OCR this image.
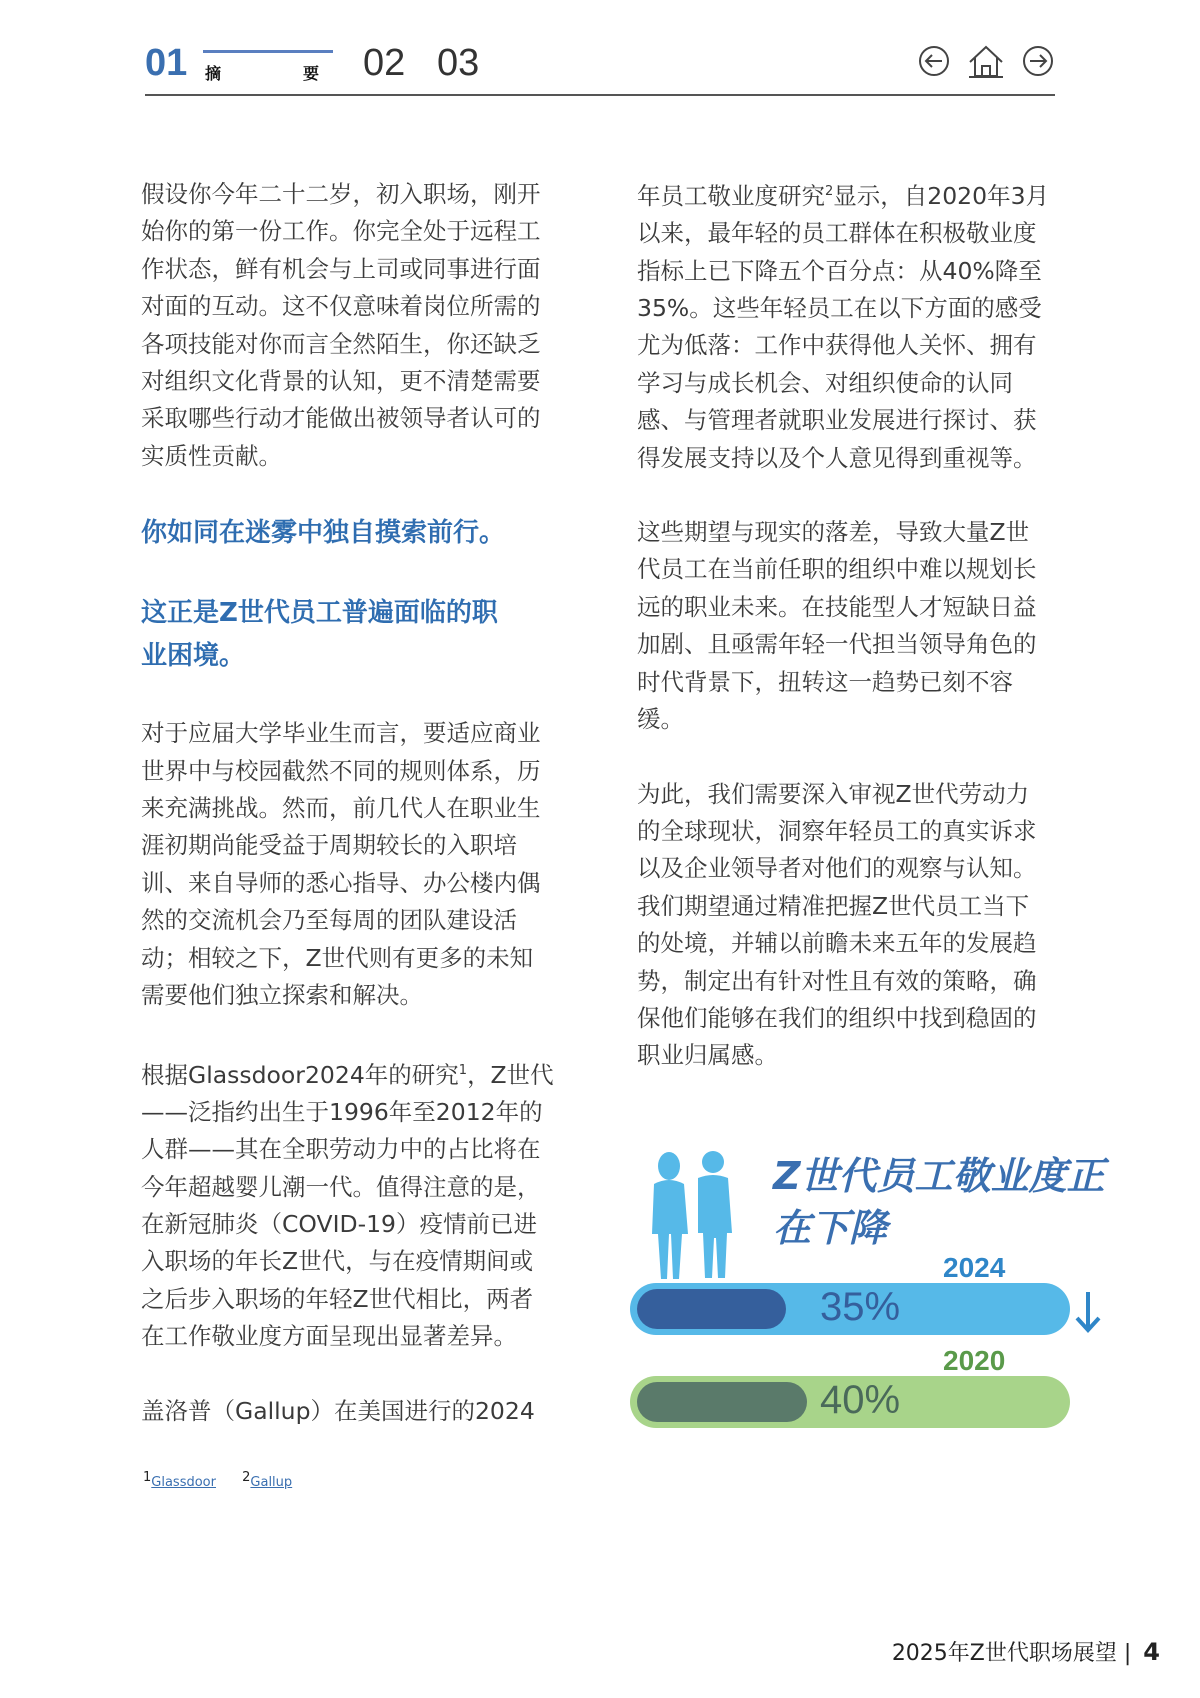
01 摘	要 02 03

假设你今年二十二岁，初入职场，刚开
始你的第一份工作。你完全处于远程工
作状态，鲜有机会与上司或同事进行面
对面的互动。这不仅意味着岗位所需的
各项技能对你而言全然陌生，你还缺乏
对组织文化背景的认知，更不清楚需要
采取哪些行动才能做出被领导者认可的
实质性贡献。

你如同在迷雾中独自摸索前行。
这正是Z世代员工普遍面临的职
业困境。

对于应届大学毕业生而言，要适应商业
世界中与校园截然不同的规则体系，历
来充满挑战。然而，前几代人在职业生
涯初期尚能受益于周期较长的入职培
训、来自导师的悉心指导、办公楼内偶
然的交流机会乃至每周的团队建设活
动；相较之下，Z世代则有更多的未知
需要他们独立探索和解决。

根据Glassdoor2024年的研究$^1$，Z世代
——泛指约出生于1996年至2012年的
人群——其在全职劳动力中的占比将在
今年超越婴儿潮一代。值得注意的是，
在新冠肺炎（COVID-19）疫情前已进
入职场的年长Z世代，与在疫情期间或
之后步入职场的年轻Z世代相比，两者
在工作敬业度方面呈现出显著差异。

盖洛普（Gallup）在美国进行的2024

年员工敬业度研究$^2$显示，自2020年3月
以来，最年轻的员工群体在积极敬业度
指标上已下降五个百分点：从40%降至
35%。这些年轻员工在以下方面的感受
尤为低落：工作中获得他人关怀、拥有
学习与成长机会、对组织使命的认同
感、与管理者就职业发展进行探讨、获
得发展支持以及个人意见得到重视等。

这些期望与现实的落差，导致大量Z世
代员工在当前任职的组织中难以规划长
远的职业未来。在技能型人才短缺日益
加剧、且亟需年轻一代担当领导角色的
时代背景下，扭转这一趋势已刻不容
缓。

为此，我们需要深入审视Z世代劳动力
的全球现状，洞察年轻员工的真实诉求
以及企业领导者对他们的观察与认知。
我们期望通过精准把握Z世代员工当下
的处境，并辅以前瞻未来五年的发展趋
势，制定出有针对性且有效的策略，确
保他们能够在我们的组织中找到稳固的
职业归属感。

Z世代员工敬业度正在下降
2024
35%
2020
40%
$^1$Glassdoor $^2$Gallup
2025年Z世代职场展望 | 4
